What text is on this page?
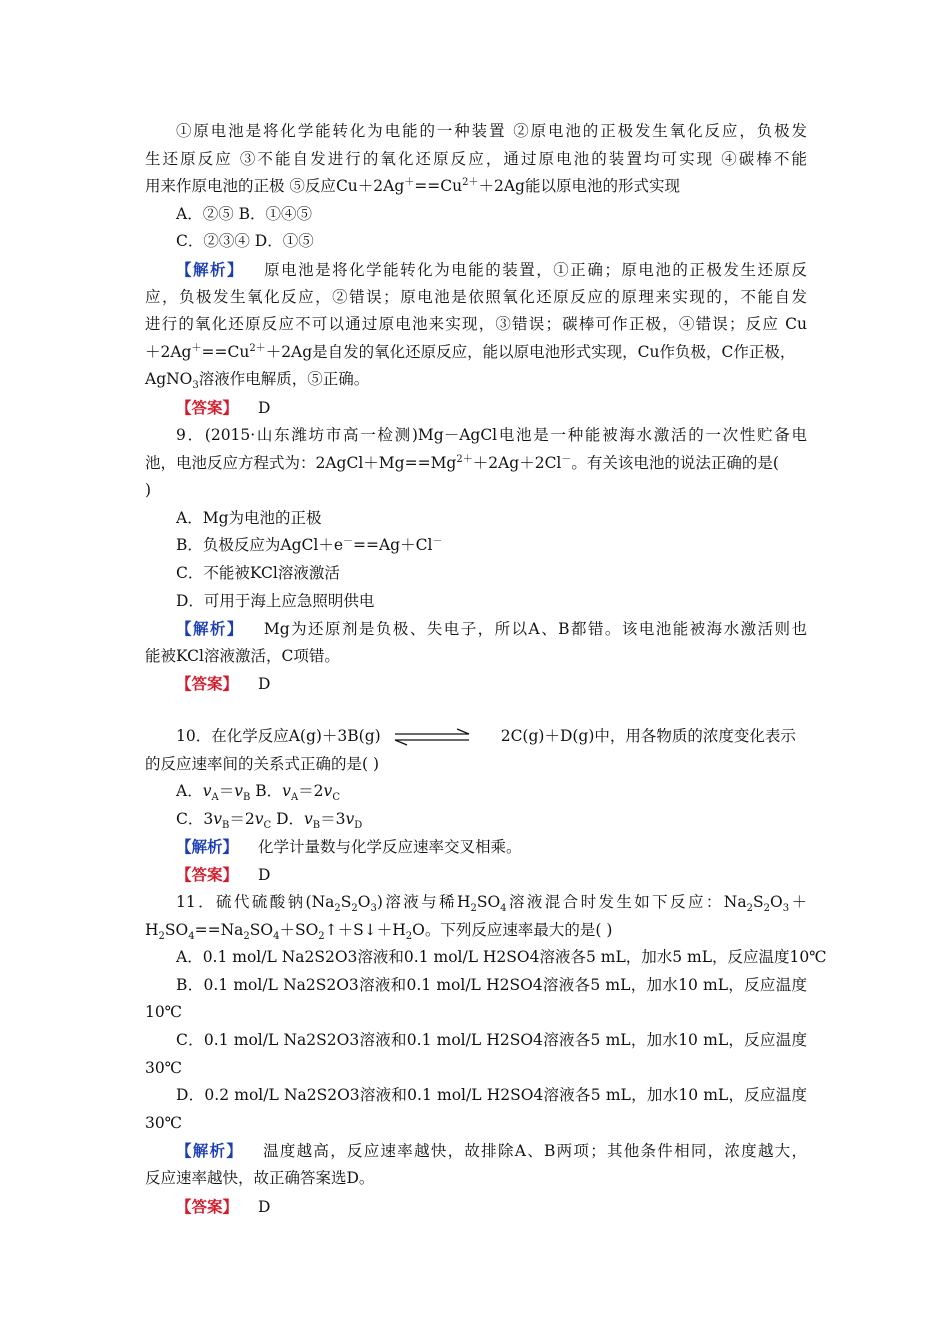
①原电池是将化学能转化为电能的一种装置 ②原电池的正极发生氧化反应，负极发
生还原反应 ③不能自发进行的氧化还原反应，通过原电池的装置均可实现 ④碳棒不能
用来作原电池的正极 ⑤反应$Cu+2Ag^+==Cu^{2+}+2Ag$能以原电池的形式实现
A．②⑤ B．①④⑤
C．②③④ D．①⑤
【解析】 原电池是将化学能转化为电能的装置，①正确；原电池的正极发生还原反
应，负极发生氧化反应，②错误；原电池是依照氧化还原反应的原理来实现的，不能自发
进行的氧化还原反应不可以通过原电池来实现，③错误；碳棒可作正极，④错误；反应 Cu
$+2Ag^+==Cu^{2+}+2Ag$是自发的氧化还原反应，能以原电池形式实现，Cu作负极，C作正极，
AgNO$_3$溶液作电解质，⑤正确。
【答案】 D
9．(2015·山东潍坊市高一检测)Mg－AgCl电池是一种能被海水激活的一次性贮备电
池，电池反应方程式为：$2AgCl+Mg==Mg^{2+}+2Ag+2Cl^-$。有关该电池的说法正确的是(
)
A．Mg为电池的正极
B．负极反应为AgCl＋e－==Ag＋Cl－
C．不能被KCl溶液激活
D．可用于海上应急照明供电
【解析】 Mg为还原剂是负极、失电子，所以A、B都错。该电池能被海水激活则也
能被KCl溶液激活，C项错。
【答案】 D
10．在化学反应A(g)＋3B(g)	2C(g)＋D(g)中，用各物质的浓度变化表示
的反应速率间的关系式正确的是( )
A．$v_A=v_B$ B．$v_A=2v_C$
C．$3v_B=2v_C$ D．$v_B=3v_D$
【解析】 化学计量数与化学反应速率交叉相乘。
【答案】 D
11．硫代硫酸钠$(Na_2S_2O_3)$溶液与稀$H_2SO_4$溶液混合时发生如下反应：$Na_2S_2O_3+$
$H_2SO_4==Na_2SO_4+SO_2↑+S↓+H_2O$。下列反应速率最大的是( )
A．0.1 mol/L Na2S2O3溶液和0.1 mol/L H2SO4溶液各5 mL，加水5 mL，反应温度10℃
B．0.1 mol/L Na2S2O3溶液和0.1 mol/L H2SO4溶液各5 mL，加水10 mL，反应温度
10℃
C．0.1 mol/L Na2S2O3溶液和0.1 mol/L H2SO4溶液各5 mL，加水10 mL，反应温度
30℃
D．0.2 mol/L Na2S2O3溶液和0.1 mol/L H2SO4溶液各5 mL，加水10 mL，反应温度
30℃
【解析】 温度越高，反应速率越快，故排除A、B两项；其他条件相同，浓度越大，
反应速率越快，故正确答案选D。
【答案】 D
